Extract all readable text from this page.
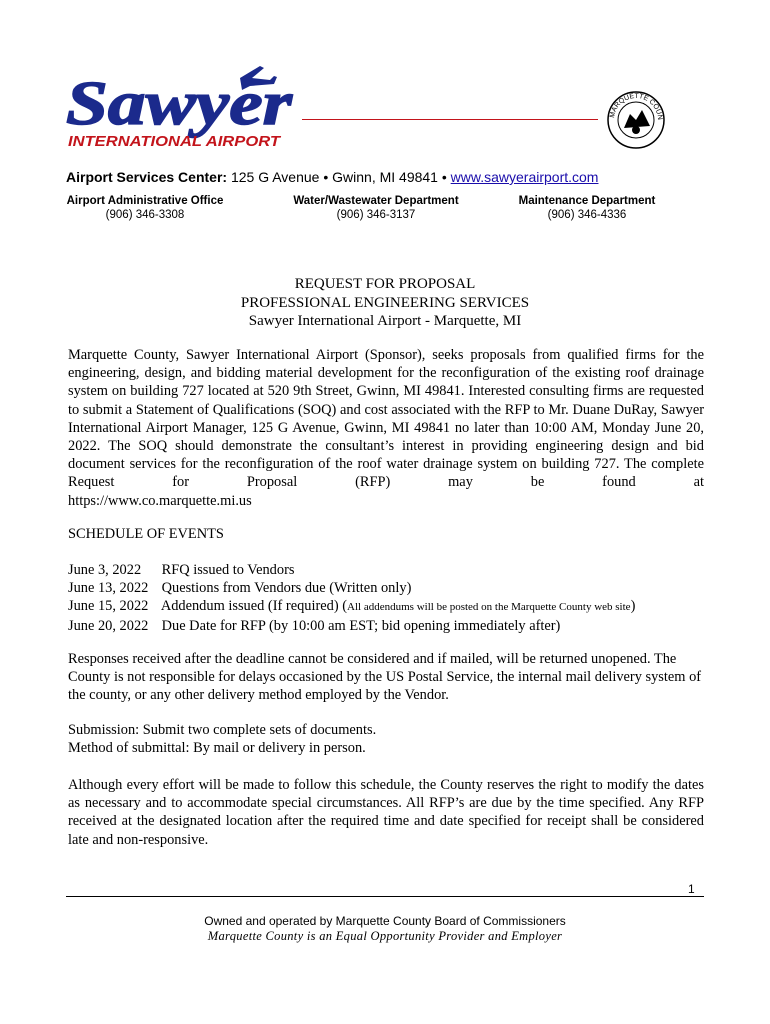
Sawyer
INTERNATIONAL AIRPORT
MARQUETTE COUN
Airport Services Center: 125 G Avenue • Gwinn, MI 49841 • www.sawyerairport.com
Airport Administrative Office
(906) 346-3308
Water/Wastewater Department
(906) 346-3137
Maintenance Department
(906) 346-4336
REQUEST FOR PROPOSAL
PROFESSIONAL ENGINEERING SERVICES
Sawyer International Airport - Marquette, MI
Marquette County, Sawyer International Airport (Sponsor), seeks proposals from qualified firms for the engineering, design, and bidding material development for the reconfiguration of the existing roof drainage system on building 727 located at 520 9th Street, Gwinn, MI 49841. Interested consulting firms are requested to submit a Statement of Qualifications (SOQ) and cost associated with the RFP to Mr. Duane DuRay, Sawyer International Airport Manager, 125 G Avenue, Gwinn, MI 49841 no later than 10:00 AM, Monday June 20, 2022. The SOQ should demonstrate the consultant’s interest in providing engineering design and bid document services for the reconfiguration of the roof water drainage system on building 727. The complete Request for Proposal (RFP) may be found at
https://www.co.marquette.mi.us
SCHEDULE OF EVENTS
June 3, 2022 RFQ issued to Vendors
June 13, 2022 Questions from Vendors due (Written only)
June 15, 2022 Addendum issued (If required) (All addendums will be posted on the Marquette County web site)
June 20, 2022 Due Date for RFP (by 10:00 am EST; bid opening immediately after)
Responses received after the deadline cannot be considered and if mailed, will be returned unopened. The County is not responsible for delays occasioned by the US Postal Service, the internal mail delivery system of the county, or any other delivery method employed by the Vendor.
Submission: Submit two complete sets of documents.
Method of submittal: By mail or delivery in person.
Although every effort will be made to follow this schedule, the County reserves the right to modify the dates as necessary and to accommodate special circumstances. All RFP’s are due by the time specified. Any RFP received at the designated location after the required time and date specified for receipt shall be considered late and non-responsive.
1
Owned and operated by Marquette County Board of Commissioners
Marquette County is an Equal Opportunity Provider and Employer
